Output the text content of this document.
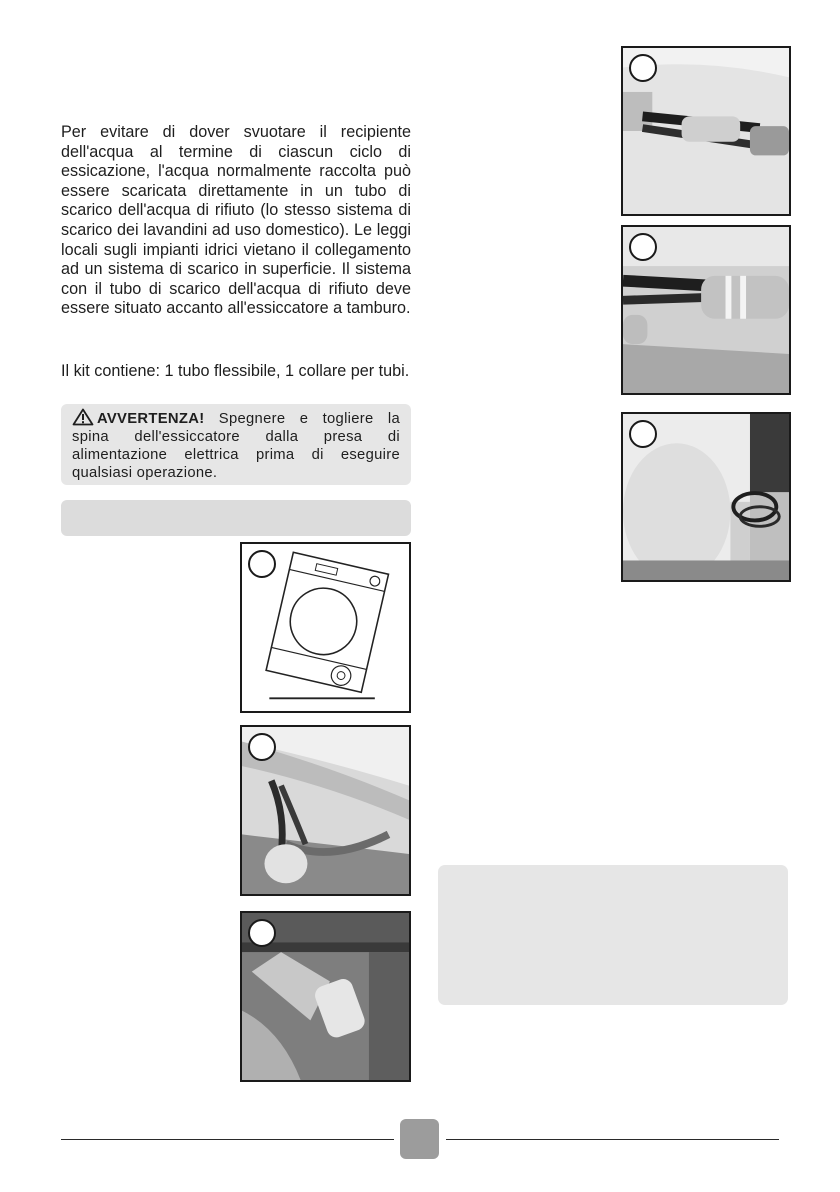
Per evitare di dover svuotare il recipiente dell'acqua al termine di ciascun ciclo di essicazione, l'acqua normalmente raccolta può essere scaricata direttamente in un tubo di scarico dell'acqua di rifiuto (lo stesso sistema di scarico dei lavandini ad uso domestico). Le leggi locali sugli impianti idrici vietano il collegamento ad un sistema di scarico in superficie. Il sistema con il tubo di scarico dell'acqua di rifiuto deve essere situato accanto all'essiccatore a tamburo.

Il kit contiene: 1 tubo flessibile, 1 collare per tubi.

AVVERTENZA! Spegnere e togliere la spina dell'essiccatore dalla presa di alimentazione elettrica prima di eseguire qualsiasi operazione.
